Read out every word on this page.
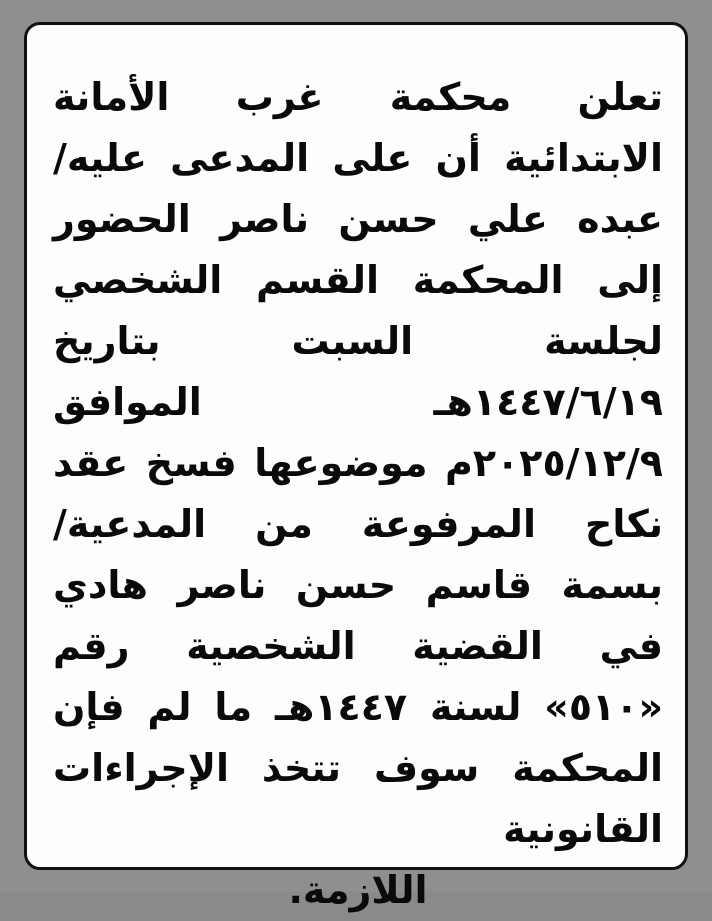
تعلن محكمة غرب الأمانة الابتدائية أن على المدعى عليه/ عبده علي حسن ناصر الحضور إلى المحكمة القسم الشخصي لجلسة السبت بتاريخ ١٤٤٧/٦/١٩هـ الموافق ٢٠٢٥/١٢/٩م موضوعها فسخ عقد نكاح المرفوعة من المدعية/ بسمة قاسم حسن ناصر هادي في القضية الشخصية رقم «٥١٠» لسنة ١٤٤٧هـ ما لم فإن المحكمة سوف تتخذ الإجراءات القانونية
اللازمة.
